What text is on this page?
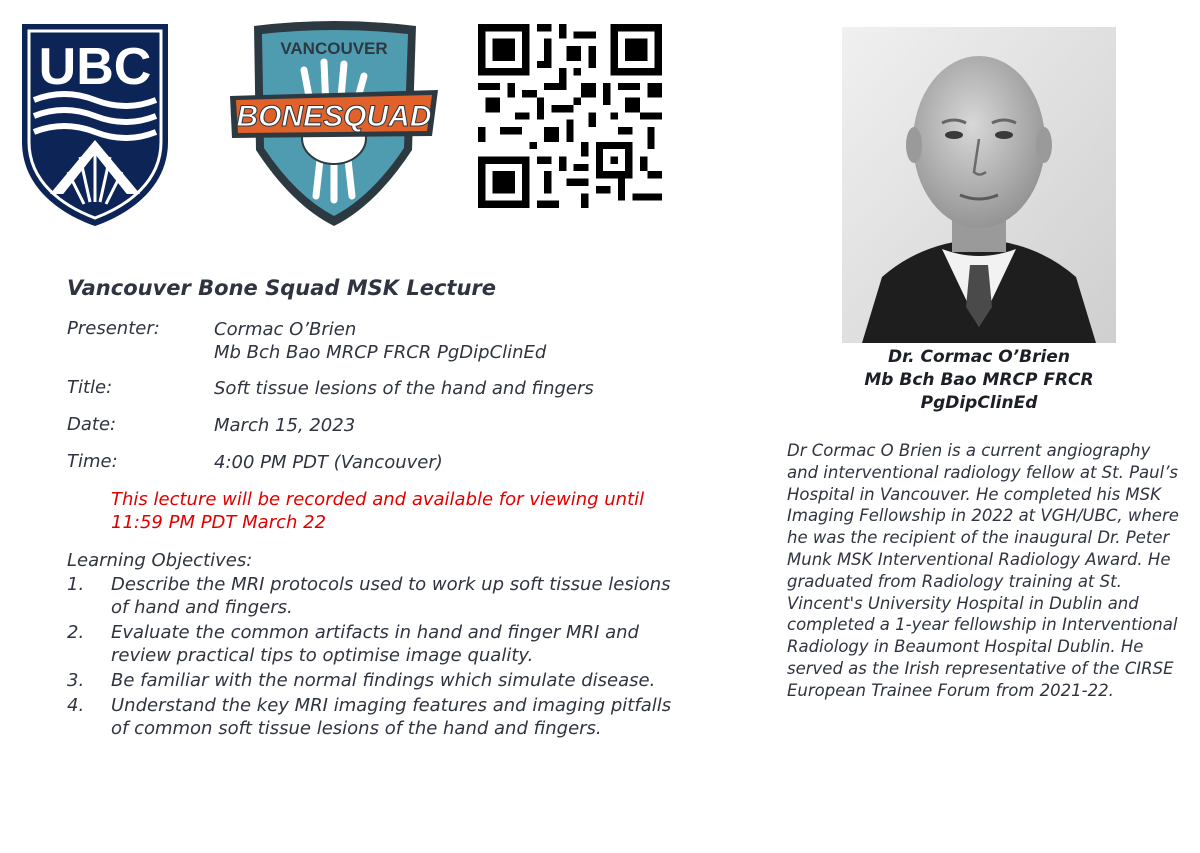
UBC	VANCOUVER
BONESQUAD
Vancouver Bone Squad MSK Lecture
Presenter:	Cormac O’Brien
Mb Bch Bao MRCP FRCR PgDipClinEd
Title:	Soft tissue lesions of the hand and fingers
Date:	March 15, 2023
Time:	4:00 PM PDT (Vancouver)
This lecture will be recorded and available for viewing until 11:59 PM PDT March 22
Learning Objectives:
1. Describe the MRI protocols used to work up soft tissue lesions of hand and fingers.
2. Evaluate the common artifacts in hand and finger MRI and review practical tips to optimise image quality.
3. Be familiar with the normal findings which simulate disease.
4. Understand the key MRI imaging features and imaging pitfalls of common soft tissue lesions of the hand and fingers.
Dr. Cormac O’Brien
Mb Bch Bao MRCP FRCR
PgDipClinEd
Dr Cormac O Brien is a current angiography and interventional radiology fellow at St. Paul’s Hospital in Vancouver. He completed his MSK Imaging Fellowship in 2022 at VGH/UBC, where he was the recipient of the inaugural Dr. Peter Munk MSK Interventional Radiology Award. He graduated from Radiology training at St. Vincent's University Hospital in Dublin and completed a 1-year fellowship in Interventional Radiology in Beaumont Hospital Dublin. He served as the Irish representative of the CIRSE European Trainee Forum from 2021-22.
